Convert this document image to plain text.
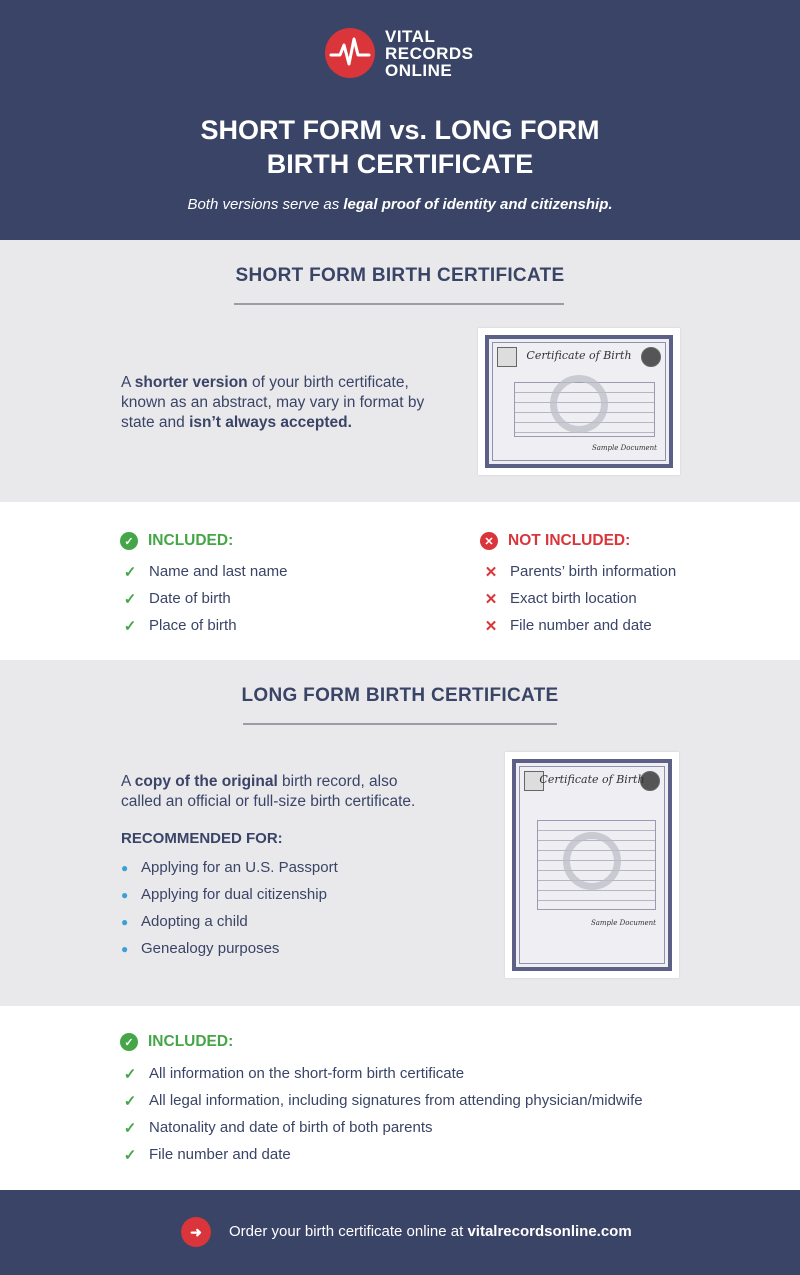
VITAL
RECORDS
ONLINE
SHORT FORM vs. LONG FORM
BIRTH CERTIFICATE
Both versions serve as legal proof of identity and citizenship.
SHORT FORM BIRTH CERTIFICATE
A shorter version of your birth certificate, known as an abstract, may vary in format by state and isn’t always accepted.
Certificate of Birth
Sample Document
✓ INCLUDED:
✓ Name and last name
✓ Date of birth
✓ Place of birth
✕ NOT INCLUDED:
✕ Parents’ birth information
✕ Exact birth location
✕ File number and date
LONG FORM BIRTH CERTIFICATE
A copy of the original birth record, also called an official or full-size birth certificate.
RECOMMENDED FOR:
● Applying for an U.S. Passport
● Applying for dual citizenship
● Adopting a child
● Genealogy purposes
Certificate of Birth
Sample Document
✓ INCLUDED:
✓ All information on the short-form birth certificate
✓ All legal information, including signatures from attending physician/midwife
✓ Natonality and date of birth of both parents
✓ File number and date
➜	Order your birth certificate online at vitalrecordsonline.com
